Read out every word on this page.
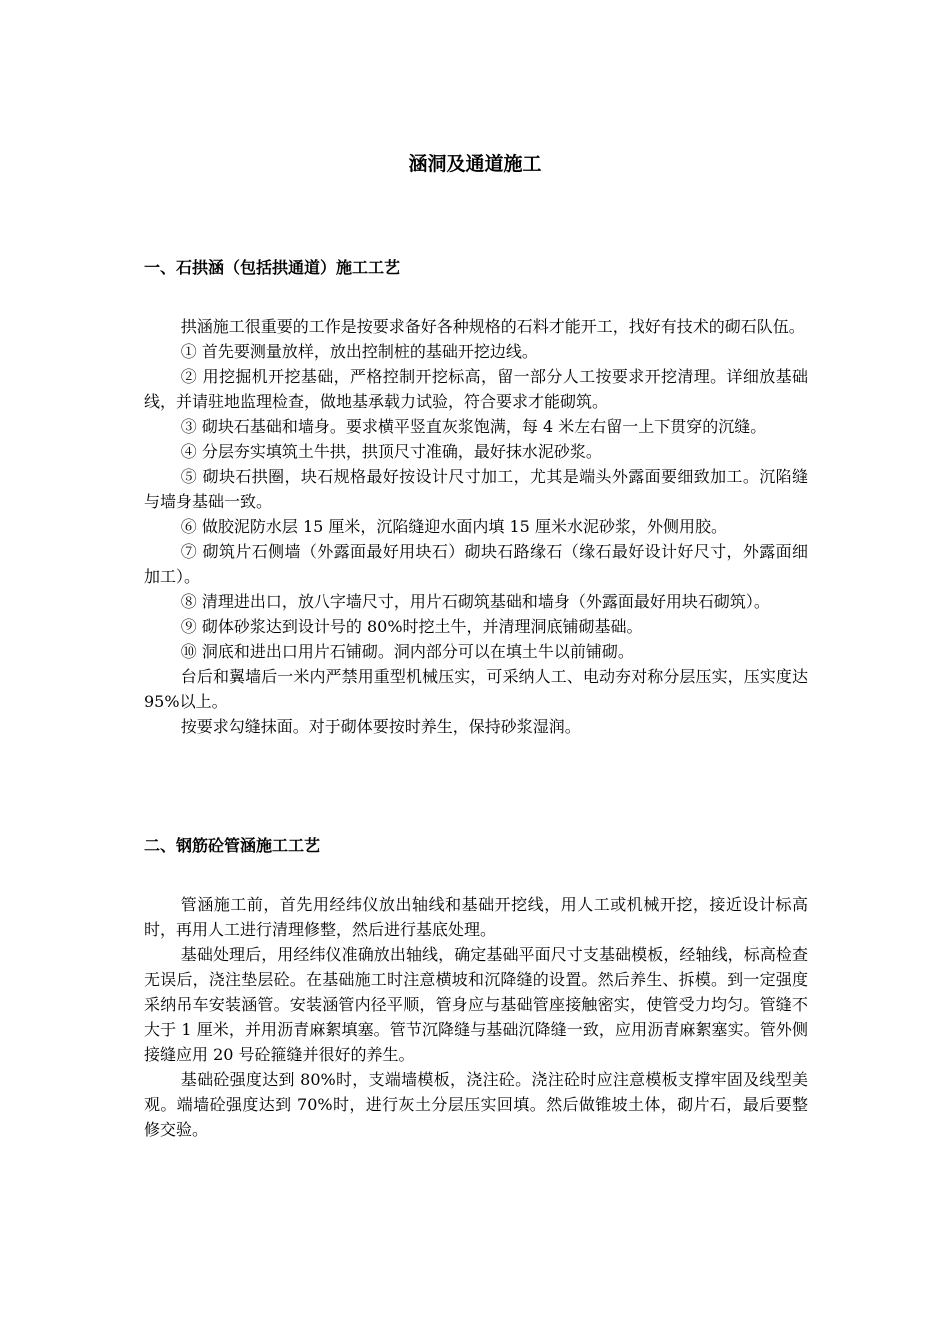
涵洞及通道施工
一、石拱涵（包括拱通道）施工工艺

拱涵施工很重要的工作是按要求备好各种规格的石料才能开工，找好有技术的砌石队伍。

① 首先要测量放样，放出控制桩的基础开挖边线。

② 用挖掘机开挖基础，严格控制开挖标高，留一部分人工按要求开挖清理。详细放基础线，并请驻地监理检查，做地基承载力试验，符合要求才能砌筑。

③ 砌块石基础和墙身。要求横平竖直灰浆饱满，每 4 米左右留一上下贯穿的沉缝。

④ 分层夯实填筑土牛拱，拱顶尺寸准确，最好抹水泥砂浆。

⑤ 砌块石拱圈，块石规格最好按设计尺寸加工，尤其是端头外露面要细致加工。沉陷缝与墙身基础一致。

⑥ 做胶泥防水层 15 厘米，沉陷缝迎水面内填 15 厘米水泥砂浆，外侧用胶。

⑦ 砌筑片石侧墙（外露面最好用块石）砌块石路缘石（缘石最好设计好尺寸，外露面细加工）。

⑧ 清理进出口，放八字墙尺寸，用片石砌筑基础和墙身（外露面最好用块石砌筑）。

⑨ 砌体砂浆达到设计号的 80%时挖土牛，并清理洞底铺砌基础。

⑩ 洞底和进出口用片石铺砌。洞内部分可以在填土牛以前铺砌。

台后和翼墙后一米内严禁用重型机械压实，可采纳人工、电动夯对称分层压实，压实度达 95%以上。

按要求勾缝抹面。对于砌体要按时养生，保持砂浆湿润。

二、钢筋砼管涵施工工艺

管涵施工前，首先用经纬仪放出轴线和基础开挖线，用人工或机械开挖，接近设计标高时，再用人工进行清理修整，然后进行基底处理。

基础处理后，用经纬仪准确放出轴线，确定基础平面尺寸支基础模板，经轴线，标高检查无误后，浇注垫层砼。在基础施工时注意横坡和沉降缝的设置。然后养生、拆模。到一定强度采纳吊车安装涵管。安装涵管内径平顺，管身应与基础管座接触密实，使管受力均匀。管缝不大于 1 厘米，并用沥青麻絮填塞。管节沉降缝与基础沉降缝一致，应用沥青麻絮塞实。管外侧接缝应用 20 号砼箍缝并很好的养生。

基础砼强度达到 80%时，支端墙模板，浇注砼。浇注砼时应注意模板支撑牢固及线型美观。端墙砼强度达到 70%时，进行灰土分层压实回填。然后做锥坡土体，砌片石，最后要整修交验。
